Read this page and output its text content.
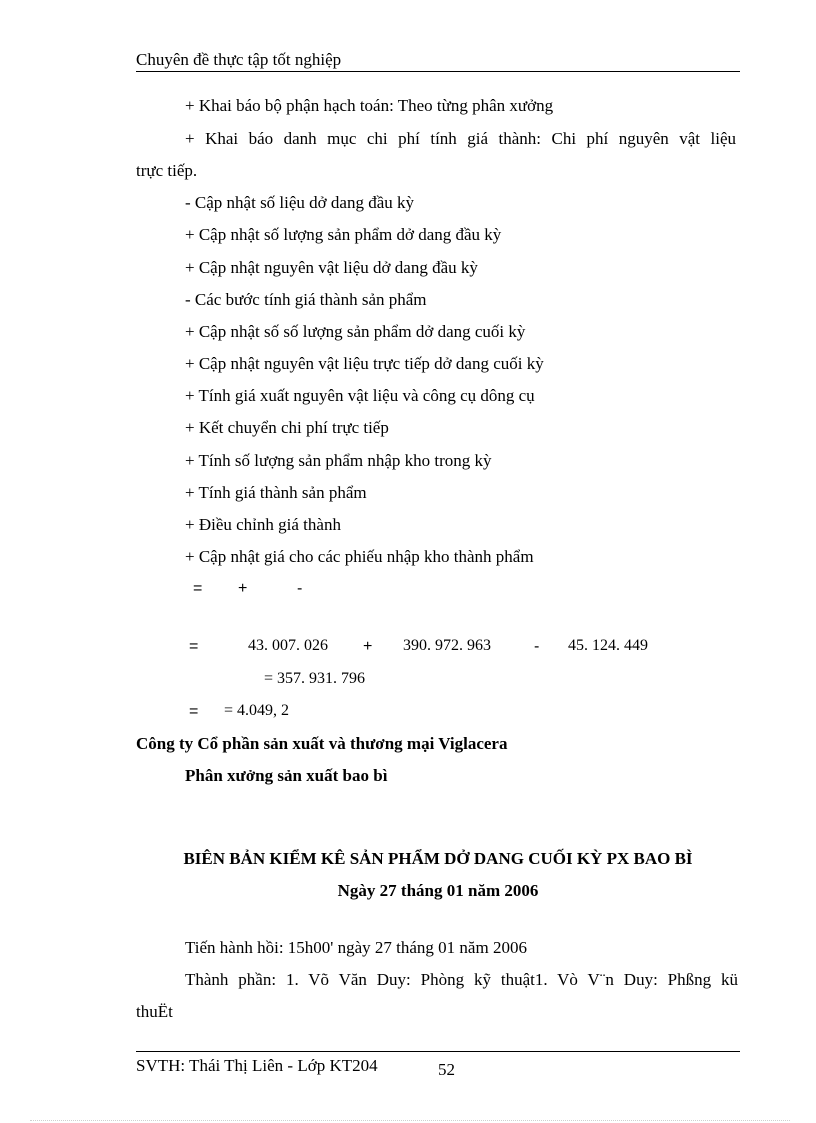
Chuyên đề thực tập tốt nghiệp
+ Khai báo bộ phận hạch toán: Theo từng phân xưởng
+ Khai báo danh mục chi phí tính giá thành: Chi phí nguyên vật liệu
trực tiếp.
- Cập nhật số liệu dở dang đầu kỳ
+ Cập nhật số lượng sản phẩm dở dang đầu kỳ
+ Cập nhật nguyên vật liệu dở dang đầu kỳ
- Các bước tính giá thành sản phẩm
+ Cập nhật số số lượng sản phẩm dở dang cuối kỳ
+ Cập nhật nguyên vật liệu trực tiếp dở dang cuối kỳ
+ Tính giá xuất nguyên vật liệu và công cụ dông cụ
+ Kết chuyển chi phí trực tiếp
+ Tính số lượng sản phẩm nhập kho trong kỳ
+ Tính giá thành sản phẩm
+ Điều chỉnh giá thành
+ Cập nhật giá cho các phiếu nhập kho thành phẩm
= +	-
=	43. 007. 026 + 390. 972. 963	- 45. 124. 449
= 357. 931. 796
= = 4.049, 2
Công ty Cổ phần sản xuất và thương mại Viglacera
Phân xưởng sản xuất bao bì
BIÊN BẢN KIỂM KÊ SẢN PHẨM DỞ DANG CUỐI KỲ PX BAO BÌ
Ngày 27 tháng 01 năm 2006
Tiến hành hồi: 15h00' ngày 27 tháng 01 năm 2006
Thành phần: 1. Võ Văn Duy: Phòng kỹ thuật1. Vò V¨n Duy: Phßng kü
thuËt
SVTH: Thái Thị Liên - Lớp KT204	52
